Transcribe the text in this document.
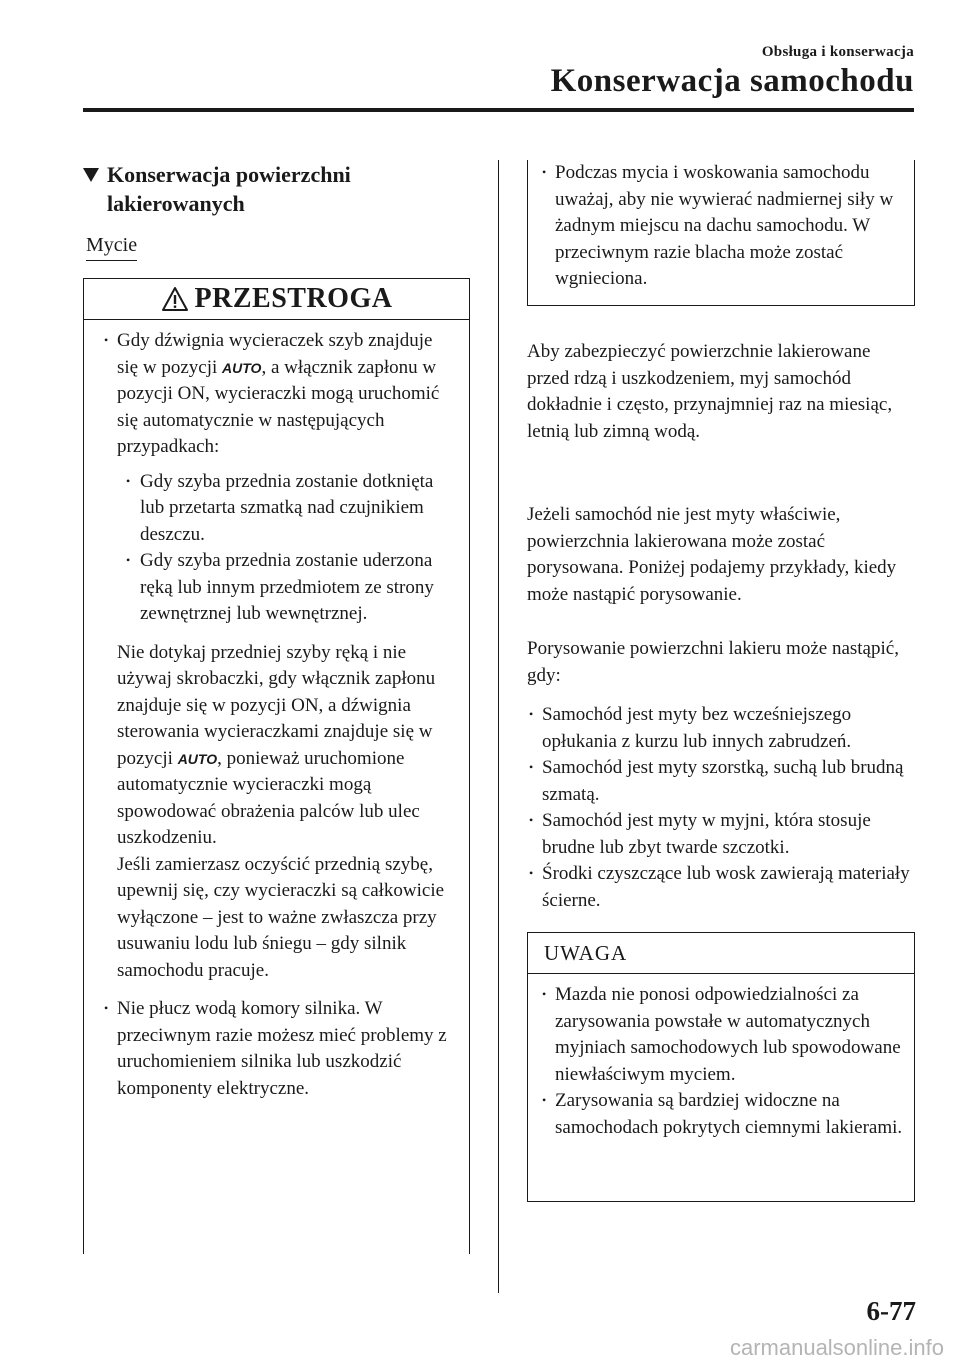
Obsługa i konserwacja
Konserwacja samochodu
Konserwacja powierzchni lakierowanych
Mycie
PRZESTROGA
• Gdy dźwignia wycieraczek szyb znajduje się w pozycji AUTO, a włącznik zapłonu w pozycji ON, wycieraczki mogą uruchomić się automatycznie w następujących przypadkach:
• Gdy szyba przednia zostanie dotknięta lub przetarta szmatką nad czujnikiem deszczu.
• Gdy szyba przednia zostanie uderzona ręką lub innym przedmiotem ze strony zewnętrznej lub wewnętrznej.
Nie dotykaj przedniej szyby ręką i nie używaj skrobaczki, gdy włącznik zapłonu znajduje się w pozycji ON, a dźwignia sterowania wycieraczkami znajduje się w pozycji AUTO, ponieważ uruchomione automatycznie wycieraczki mogą spowodować obrażenia palców lub ulec uszkodzeniu.
Jeśli zamierzasz oczyścić przednią szybę, upewnij się, czy wycieraczki są całkowicie wyłączone – jest to ważne zwłaszcza przy usuwaniu lodu lub śniegu – gdy silnik samochodu pracuje.
• Nie płucz wodą komory silnika. W przeciwnym razie możesz mieć problemy z uruchomieniem silnika lub uszkodzić komponenty elektryczne.
• Podczas mycia i woskowania samochodu uważaj, aby nie wywierać nadmiernej siły w żadnym miejscu na dachu samochodu. W przeciwnym razie blacha może zostać wgnieciona.
Aby zabezpieczyć powierzchnie lakierowane przed rdzą i uszkodzeniem, myj samochód dokładnie i często, przynajmniej raz na miesiąc, letnią lub zimną wodą.
Jeżeli samochód nie jest myty właściwie, powierzchnia lakierowana może zostać porysowana. Poniżej podajemy przykłady, kiedy może nastąpić porysowanie.
Porysowanie powierzchni lakieru może nastąpić, gdy:
• Samochód jest myty bez wcześniejszego opłukania z kurzu lub innych zabrudzeń.
• Samochód jest myty szorstką, suchą lub brudną szmatą.
• Samochód jest myty w myjni, która stosuje brudne lub zbyt twarde szczotki.
• Środki czyszczące lub wosk zawierają materiały ścierne.
UWAGA
• Mazda nie ponosi odpowiedzialności za zarysowania powstałe w automatycznych myjniach samochodowych lub spowodowane niewłaściwym myciem.
• Zarysowania są bardziej widoczne na samochodach pokrytych ciemnymi lakierami.
6-77
carmanualsonline.info
